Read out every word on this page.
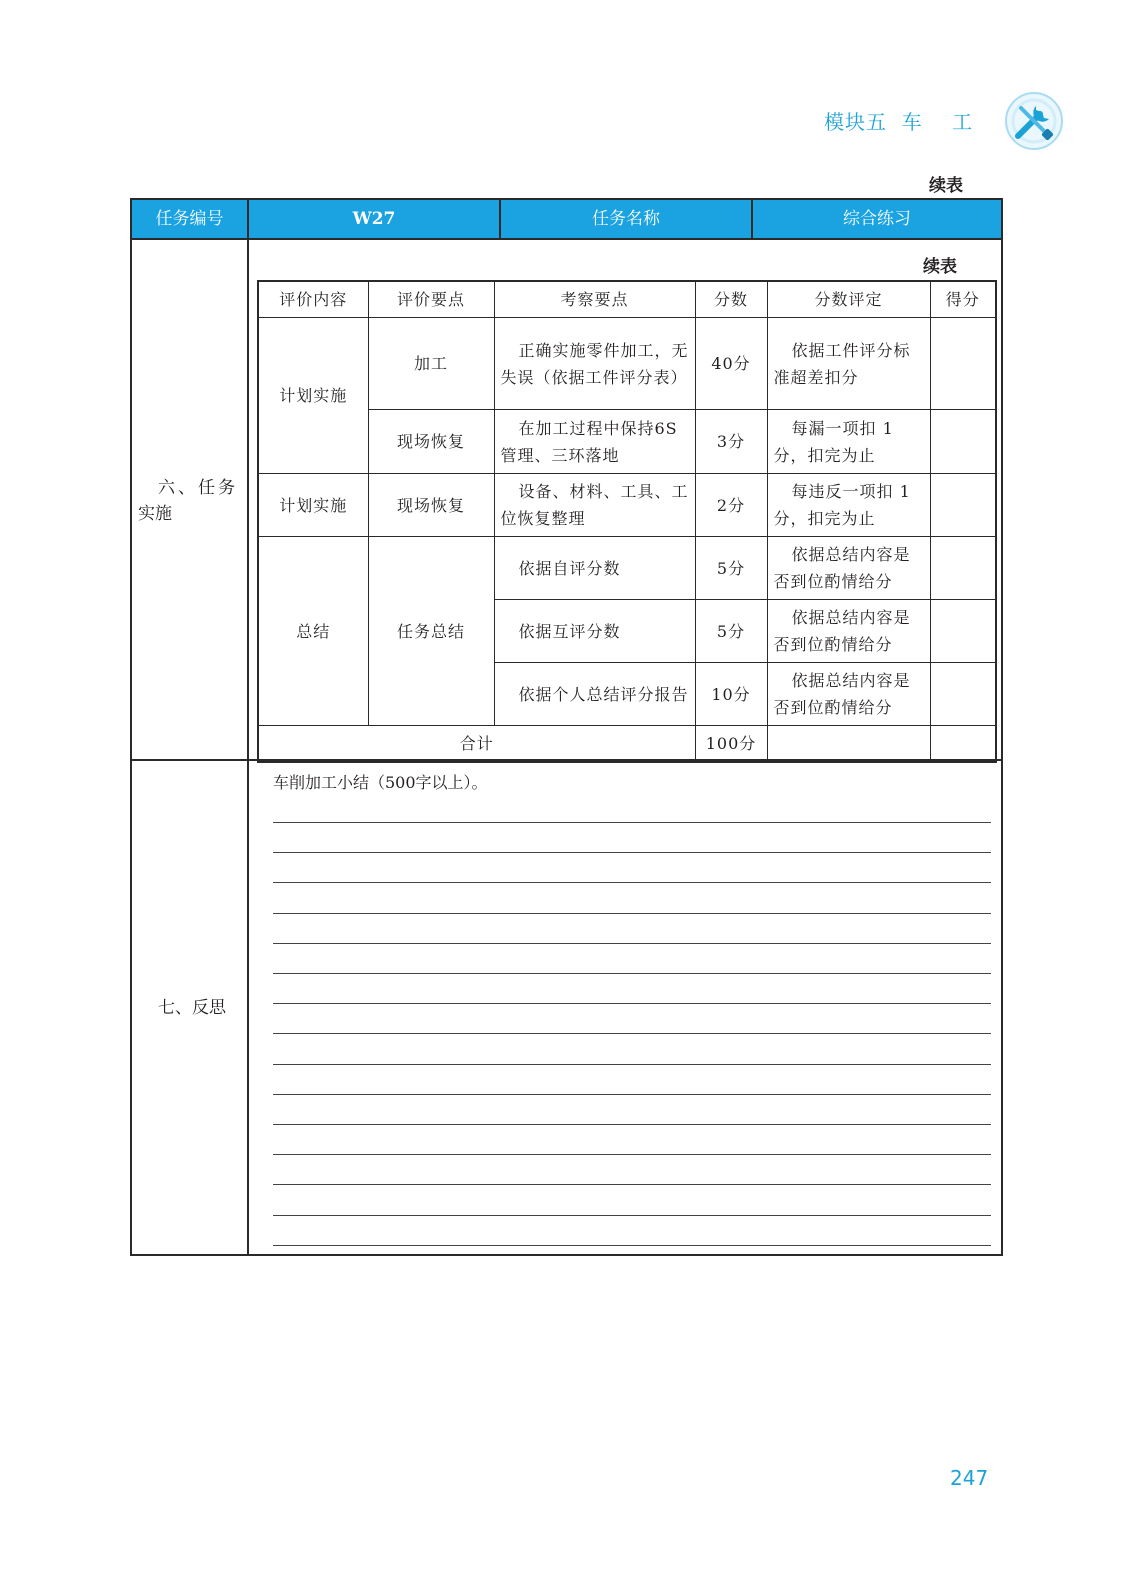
模块五  车    工
续表
任务编号	W27	任务名称	综合练习
六、任务
实施
续表
评价内容	评价要点	考察要点	分数	分数评定	得分
计划实施	加工	正确实施零件加工，无失误（依据工件评分表）	40分	依据工件评分标准超差扣分	
	现场恢复	在加工过程中保持6S管理、三环落地	3分	每漏一项扣 1分，扣完为止	
计划实施	现场恢复	设备、材料、工具、工位恢复整理	2分	每违反一项扣 1分，扣完为止	
总结	任务总结	依据自评分数	5分	依据总结内容是否到位酌情给分	
		依据互评分数	5分	依据总结内容是否到位酌情给分	
		依据个人总结评分报告	10分	依据总结内容是否到位酌情给分	
合计			100分		
七、反思
车削加工小结（500字以上）。
247
